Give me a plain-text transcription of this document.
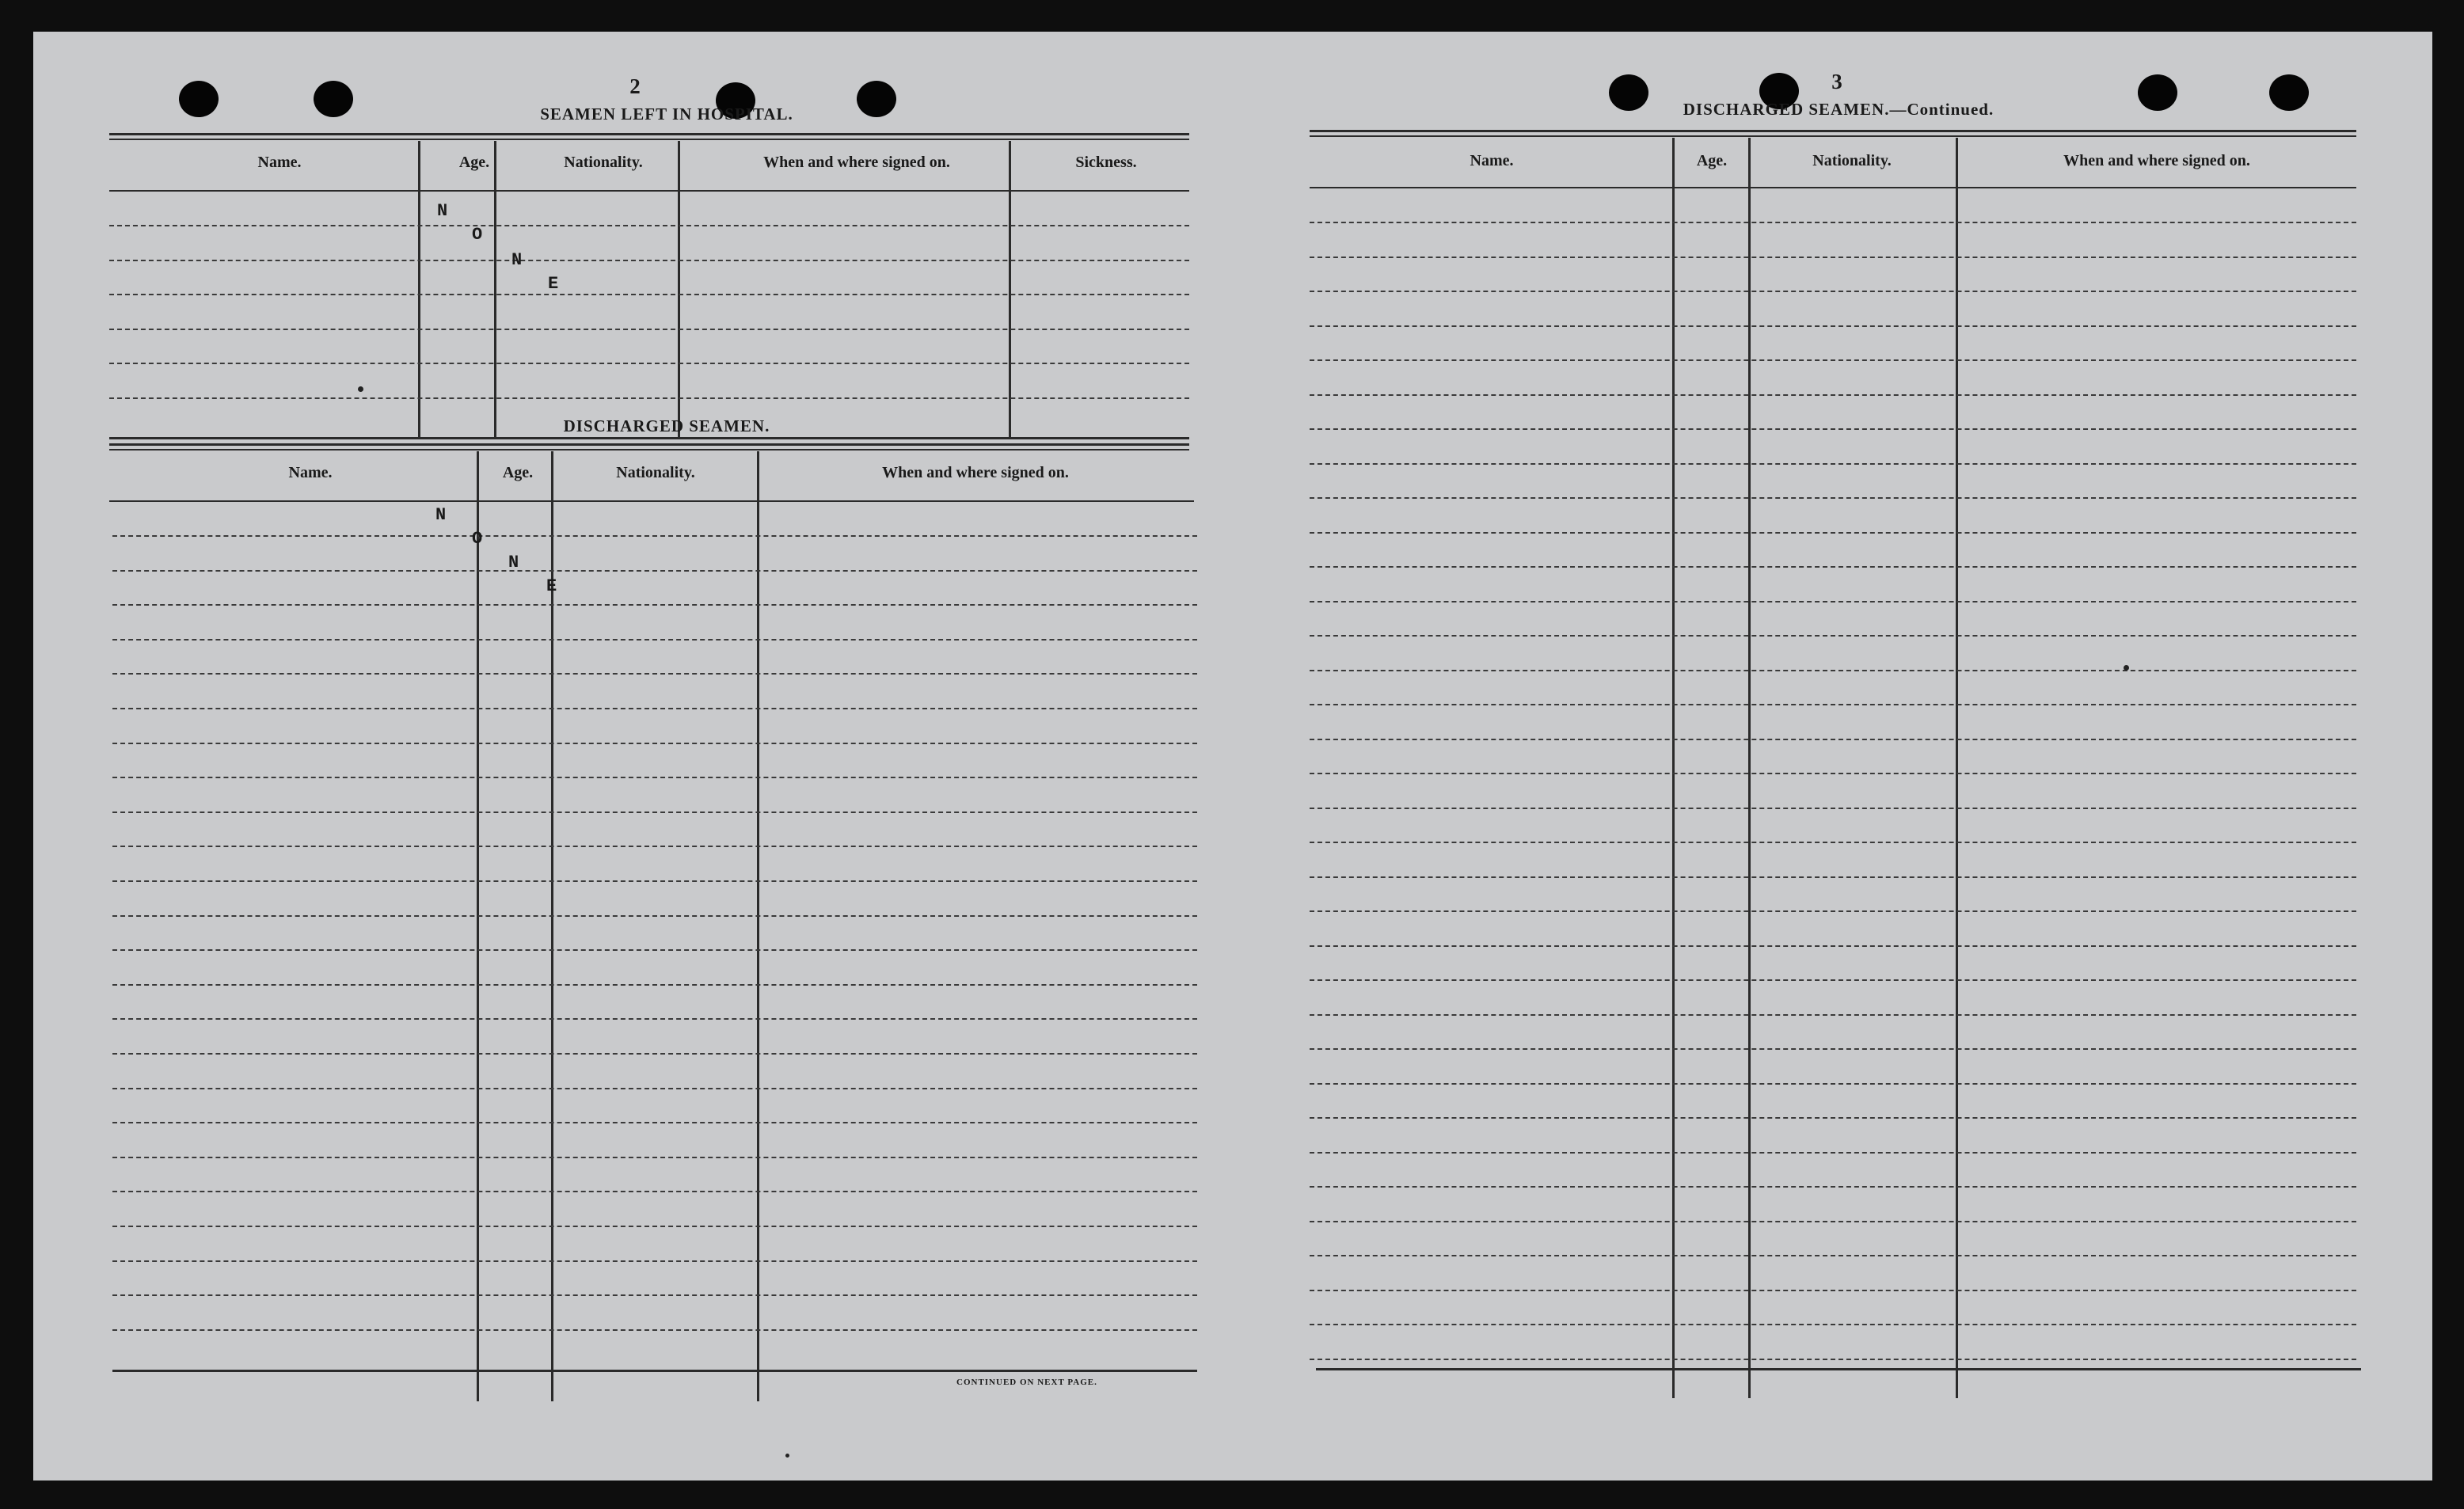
2
SEAMEN LEFT IN HOSPITAL.
Name.	Age.	Nationality.	When and where signed on.	Sickness.
N
O
N
E
DISCHARGED SEAMEN.
Name.	Age.	Nationality.	When and where signed on.
N
O
N
E
CONTINUED ON NEXT PAGE.
3
DISCHARGED SEAMEN.—Continued.
Name.	Age.	Nationality.	When and where signed on.
